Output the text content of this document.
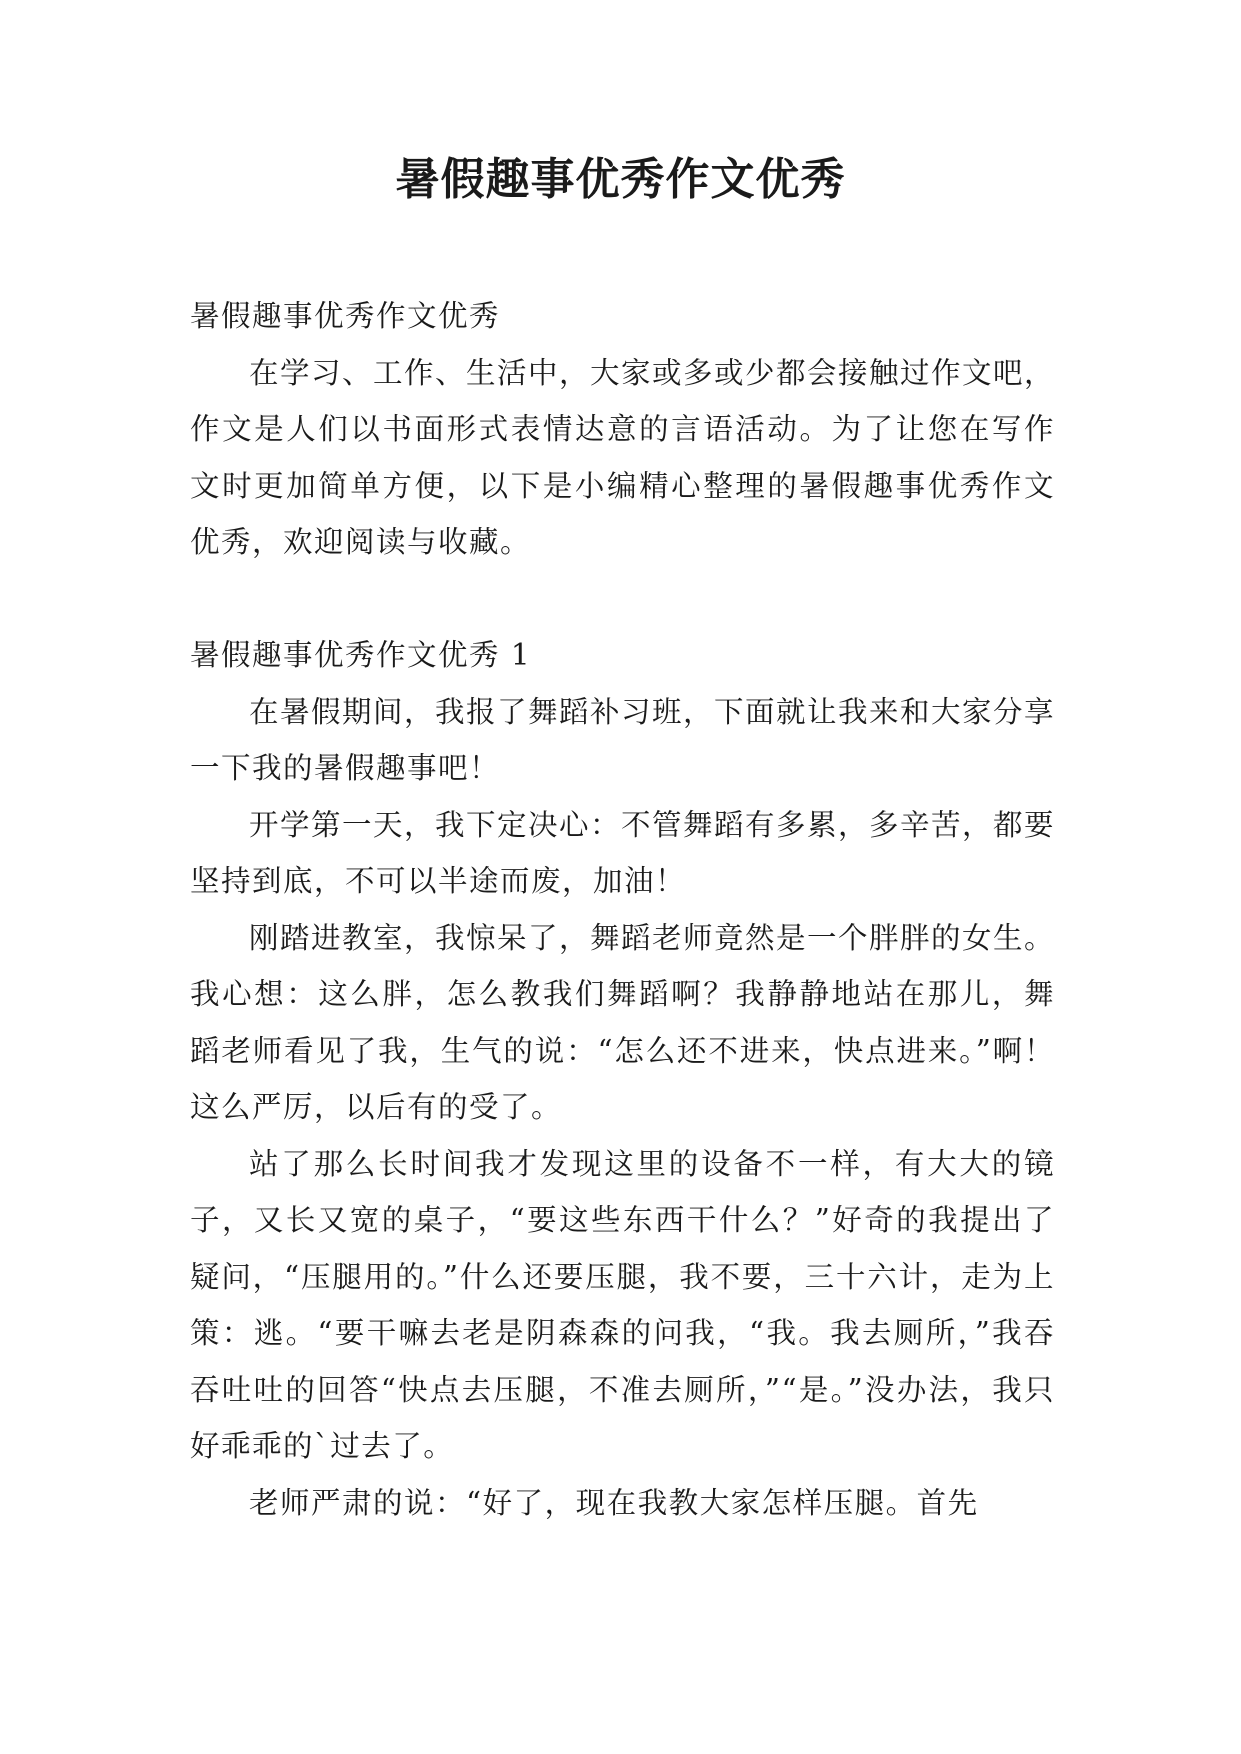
暑假趣事优秀作文优秀

暑假趣事优秀作文优秀

在学习、工作、生活中，大家或多或少都会接触过作文吧，作文是人们以书面形式表情达意的言语活动。为了让您在写作文时更加简单方便，以下是小编精心整理的暑假趣事优秀作文优秀，欢迎阅读与收藏。

暑假趣事优秀作文优秀 1

在暑假期间，我报了舞蹈补习班，下面就让我来和大家分享一下我的暑假趣事吧！

开学第一天，我下定决心：不管舞蹈有多累，多辛苦，都要坚持到底，不可以半途而废，加油！

刚踏进教室，我惊呆了，舞蹈老师竟然是一个胖胖的女生。我心想：这么胖，怎么教我们舞蹈啊？我静静地站在那儿，舞蹈老师看见了我，生气的说：“怎么还不进来，快点进来。”啊！这么严厉，以后有的受了。

站了那么长时间我才发现这里的设备不一样，有大大的镜子，又长又宽的桌子，“要这些东西干什么？”好奇的我提出了疑问，“压腿用的。”什么还要压腿，我不要，三十六计，走为上策：逃。“要干嘛去老是阴森森的问我，“我。我去厕所，”我吞吞吐吐的回答“快点去压腿，不准去厕所，”“是。”没办法，我只好乖乖的`过去了。

老师严肃的说：“好了，现在我教大家怎样压腿。首先
